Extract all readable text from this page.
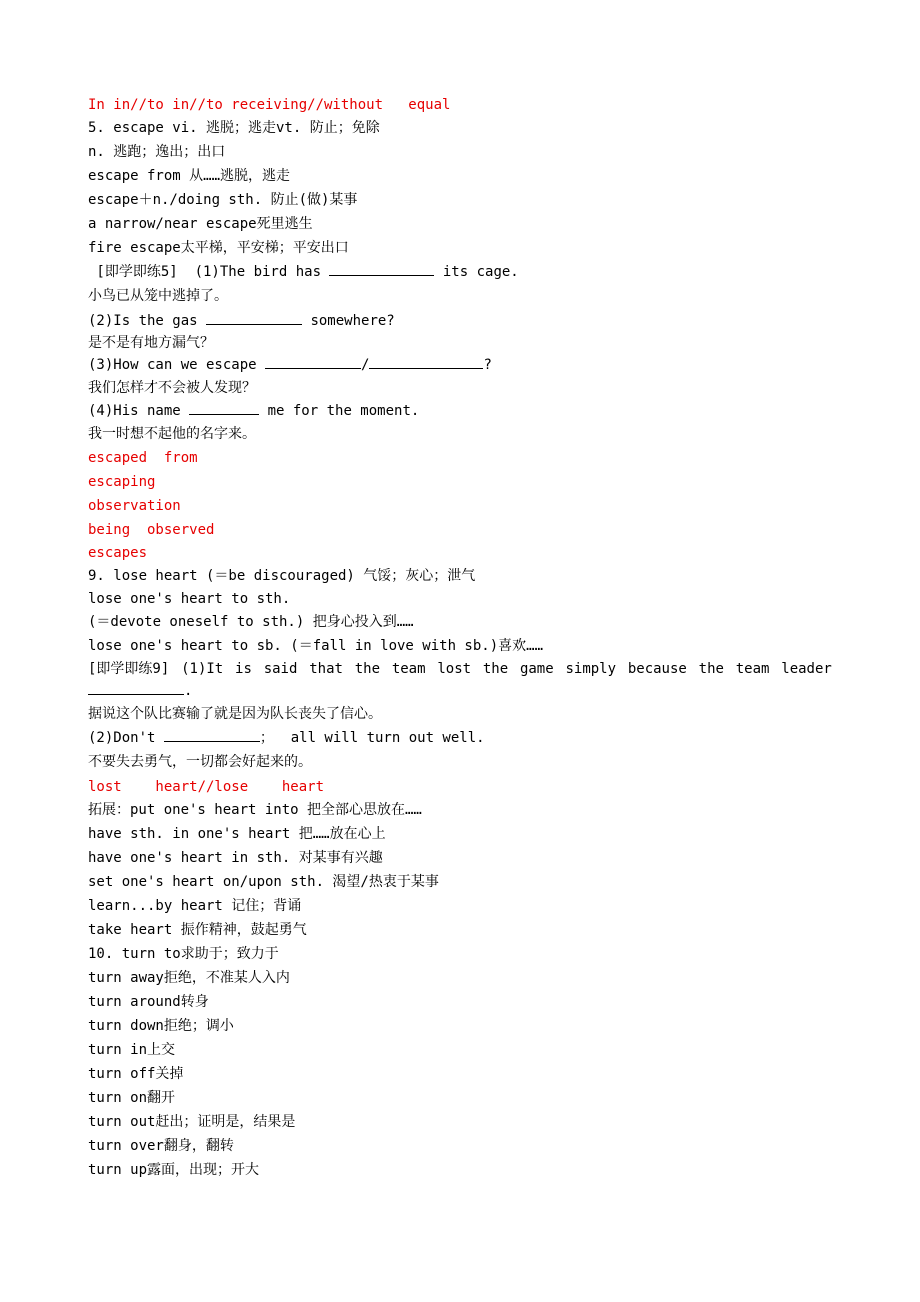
In in//to in//to receiving//without   equal
5. escape vi. 逃脱；逃走vt. 防止；免除
n. 逃跑；逸出；出口
escape from 从……逃脱，逃走
escape＋n./doing sth. 防止(做)某事
a narrow/near escape死里逃生
fire escape太平梯，平安梯；平安出口
[即学即练5]  (1)The bird has	its cage.
小鸟已从笼中逃掉了。
(2)Is the gas	somewhere?
是不是有地方漏气？
(3)How can we escape	/	?
我们怎样才不会被人发现？
(4)His name	me for the moment.
我一时想不起他的名字来。
escaped  from
escaping
observation
being  observed
escapes
9. lose heart (＝be discouraged) 气馁；灰心；泄气
lose one's heart to sth.
(＝devote oneself to sth.) 把身心投入到……
lose one's heart to sb. (＝fall in love with sb.)喜欢……
[即学即练9] (1)It is said that the team lost the game simply because the team leader
.
据说这个队比赛输了就是因为队长丧失了信心。
(2)Don't	；  all will turn out well.
不要失去勇气，一切都会好起来的。
lost    heart//lose    heart
拓展：put one's heart into 把全部心思放在……
have sth. in one's heart 把……放在心上
have one's heart in sth. 对某事有兴趣
set one's heart on/upon sth. 渴望/热衷于某事
learn...by heart 记住；背诵
take heart 振作精神，鼓起勇气
10. turn to求助于；致力于
turn away拒绝，不准某人入内
turn around转身
turn down拒绝；调小
turn in上交
turn off关掉
turn on翻开
turn out赶出；证明是，结果是
turn over翻身，翻转
turn up露面，出现；开大
